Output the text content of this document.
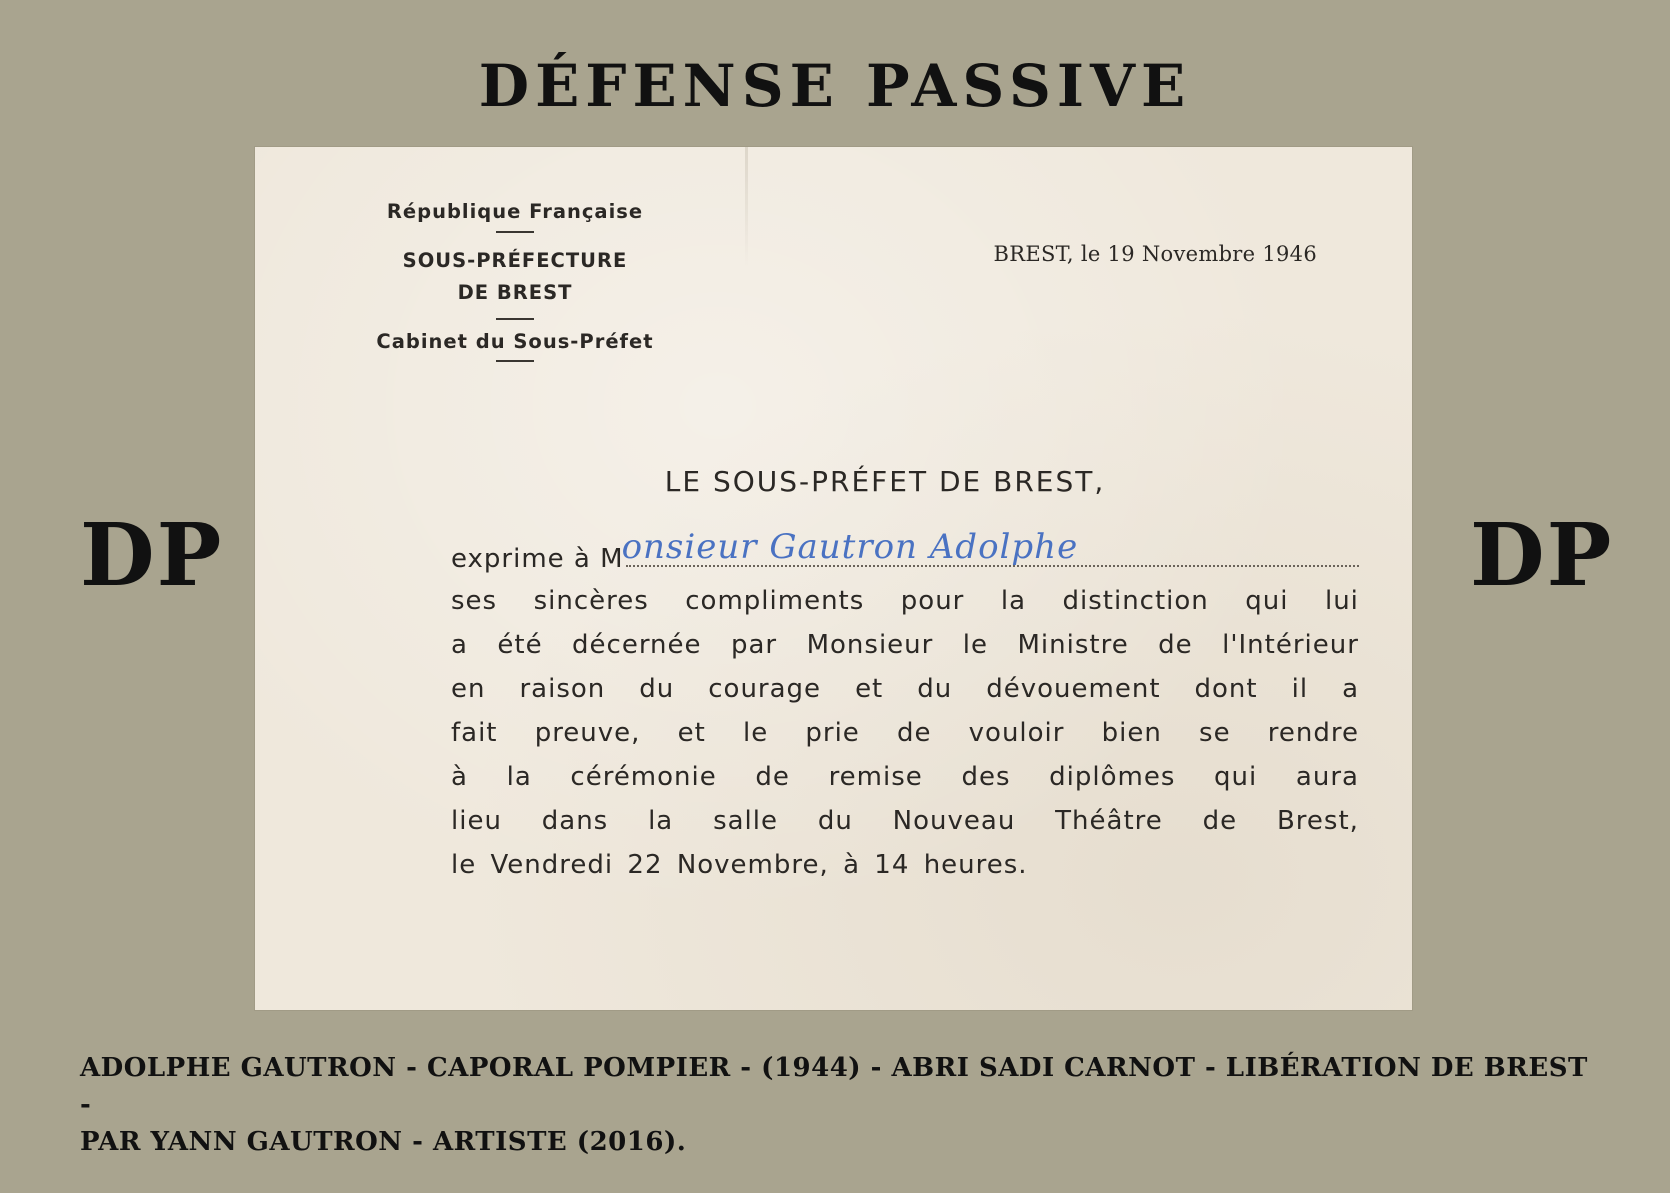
DÉFENSE PASSIVE
DP	DP
République Française
SOUS-PRÉFECTURE
DE BREST
Cabinet du Sous-Préfet
BREST, le 19 Novembre 1946
LE SOUS-PRÉFET DE BREST,
exprime à M
onsieur Gautron Adolphe
ses sincères compliments pour la distinction qui lui
a été décernée par Monsieur le Ministre de l'Intérieur
en raison du courage et du dévouement dont il a
fait preuve, et le prie de vouloir bien se rendre
à la cérémonie de remise des diplômes qui aura
lieu dans la salle du Nouveau Théâtre de Brest,
le Vendredi 22 Novembre, à 14 heures.
ADOLPHE GAUTRON - CAPORAL POMPIER - (1944) - ABRI SADI CARNOT - LIBÉRATION DE BREST -
PAR YANN GAUTRON - ARTISTE (2016).
